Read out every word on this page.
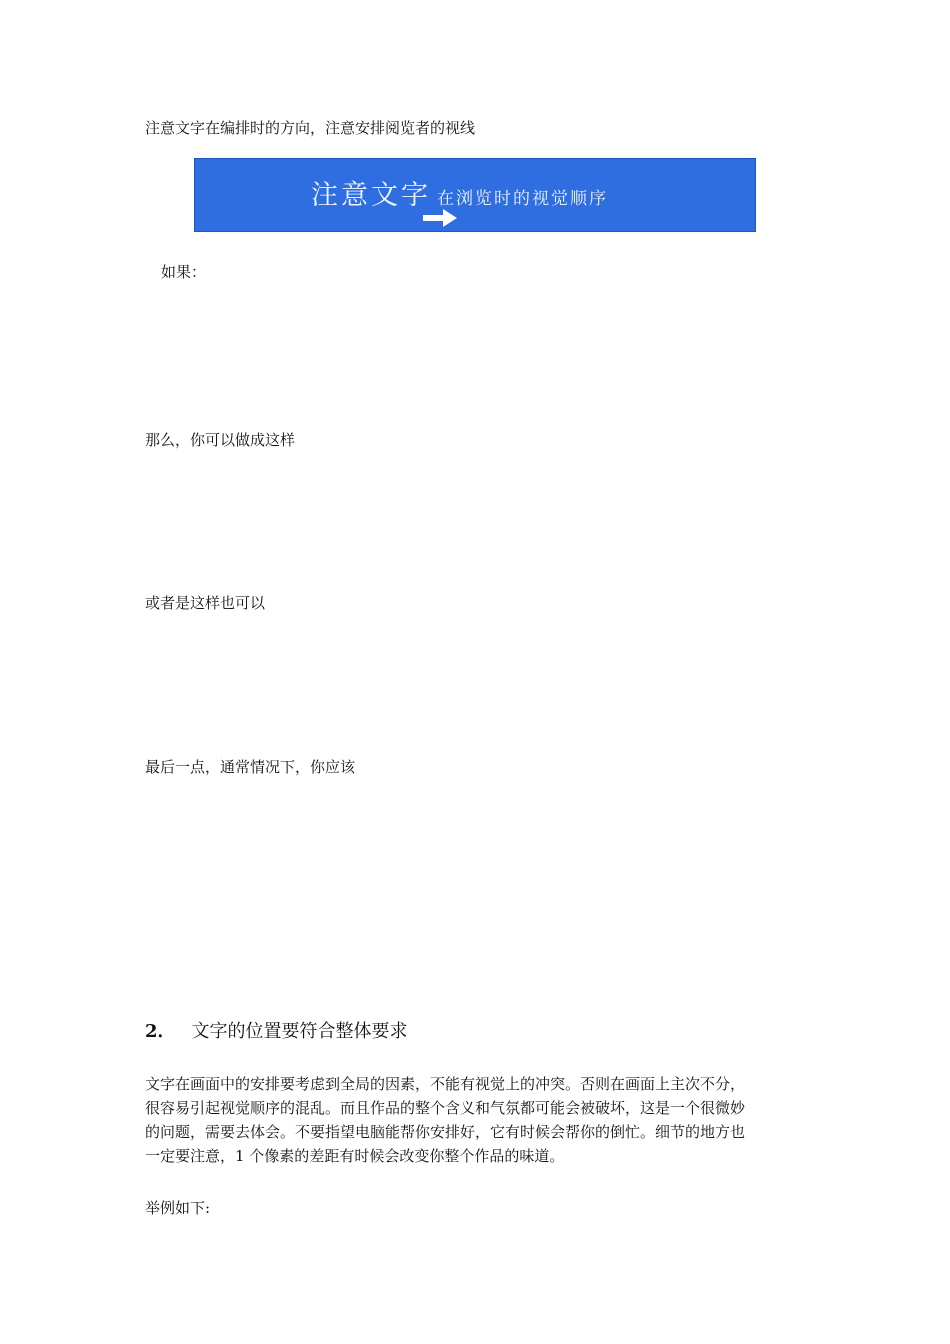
注意文字在编排时的方向，注意安排阅览者的视线
注意文字 在浏览时的视觉顺序
如果：
那么，你可以做成这样
或者是这样也可以
最后一点，通常情况下，你应该
2． 文字的位置要符合整体要求
文字在画面中的安排要考虑到全局的因素，不能有视觉上的冲突。否则在画面上主次不分，
很容易引起视觉顺序的混乱。而且作品的整个含义和气氛都可能会被破坏，这是一个很微妙
的问题，需要去体会。不要指望电脑能帮你安排好，它有时候会帮你的倒忙。细节的地方也
一定要注意，1 个像素的差距有时候会改变你整个作品的味道。
举例如下:
